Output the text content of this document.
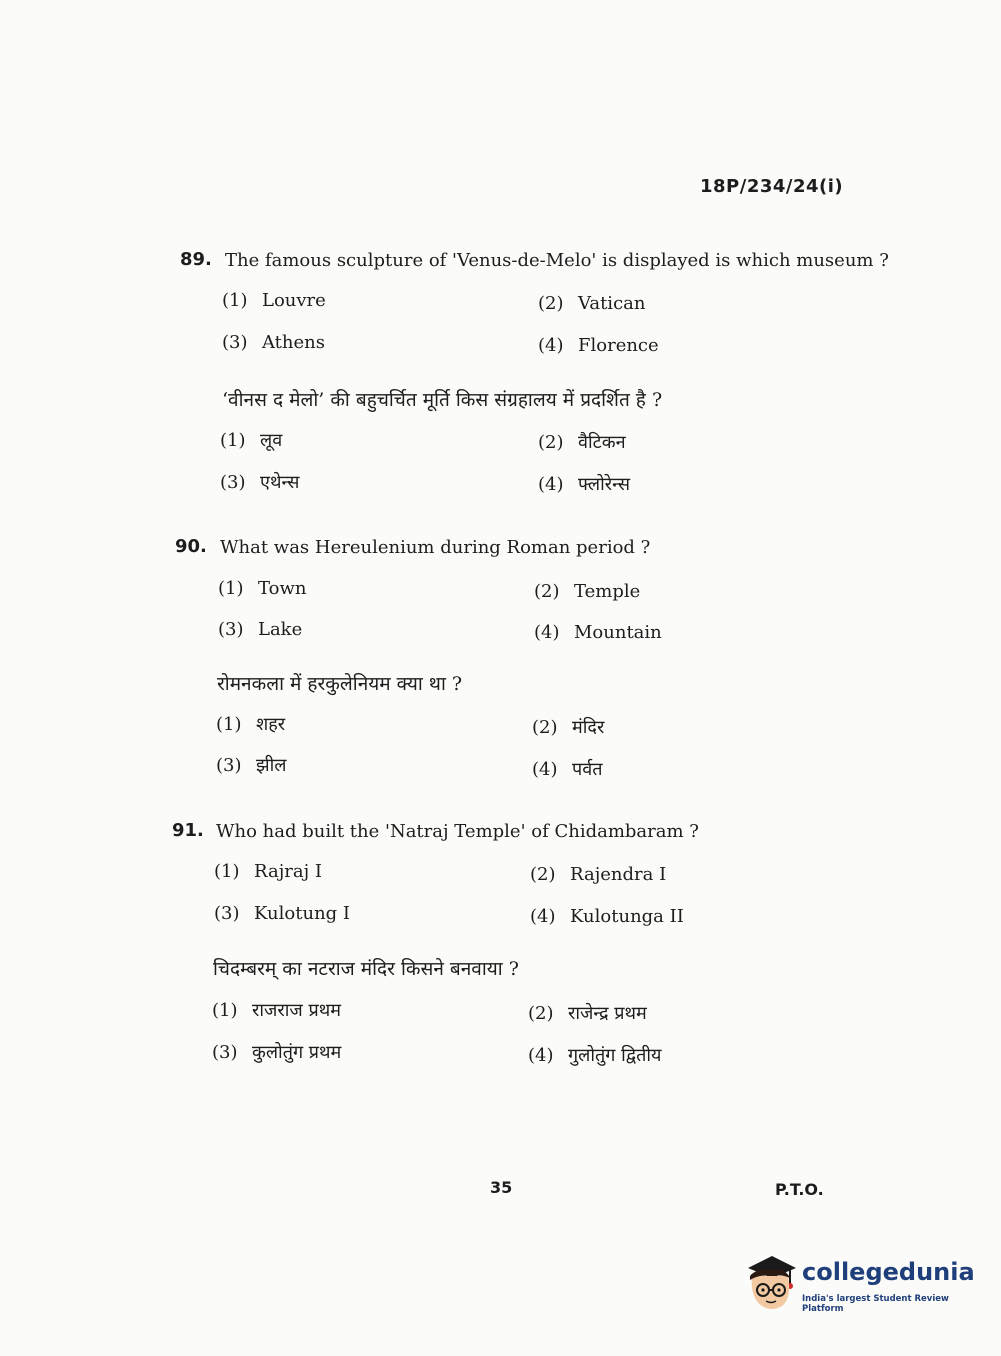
18P/234/24(i)
89. The famous sculpture of 'Venus-de-Melo' is displayed is which museum ?
(1) Louvre	(2) Vatican
(3) Athens	(4) Florence
‘वीनस द मेलो’ की बहुचर्चित मूर्ति किस संग्रहालय में प्रदर्शित है ?
(1) लूव	(2) वैटिकन
(3) एथेन्स	(4) फ्लोरेन्स
90. What was Hereulenium during Roman period ?
(1) Town	(2) Temple
(3) Lake	(4) Mountain
रोमनकला में हरकुलेनियम क्या था ?
(1) शहर	(2) मंदिर
(3) झील	(4) पर्वत
91. Who had built the 'Natraj Temple' of Chidambaram ?
(1) Rajraj I	(2) Rajendra I
(3) Kulotung I	(4) Kulotunga II
चिदम्बरम् का नटराज मंदिर किसने बनवाया ?
(1) राजराज प्रथम	(2) राजेन्द्र प्रथम
(3) कुलोतुंग प्रथम	(4) गुलोतुंग द्वितीय
35	P.T.O.
collegedunia
India's largest Student Review Platform
